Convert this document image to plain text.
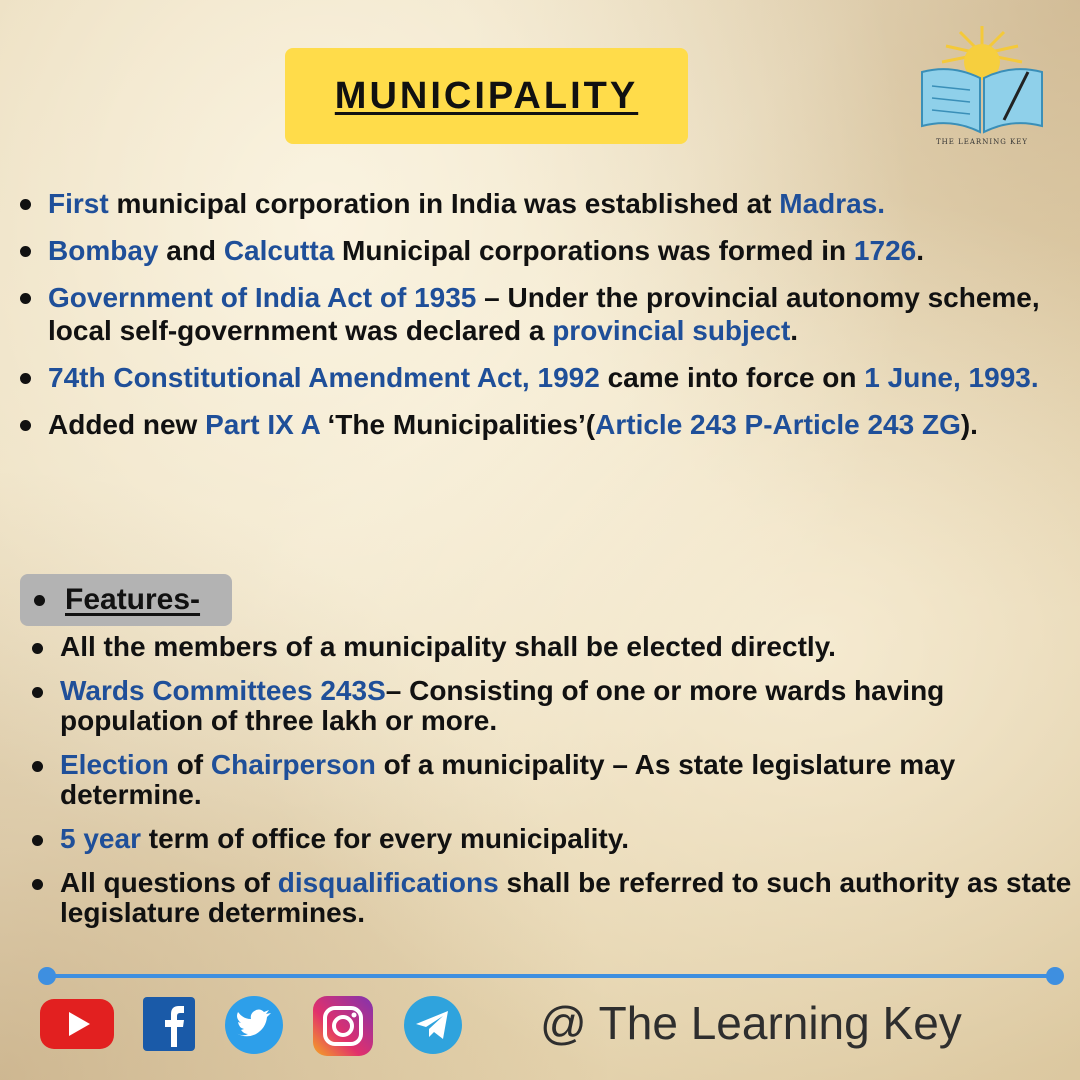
​
MUNICIPALITY
THE LEARNING KEY
First municipal corporation in India was established at Madras.
Bombay and Calcutta Municipal corporations was formed in 1726.
Government of India Act of 1935 – Under the provincial autonomy scheme, local self-government was declared a provincial subject.
74th Constitutional Amendment Act, 1992 came into force on 1 June, 1993.
Added new Part IX A ‘The Municipalities’(Article 243 P-Article 243 ZG).
Features-
All the members of a municipality shall be elected directly.
Wards Committees 243S– Consisting of one or more wards having population of three lakh or more.
Election of Chairperson of a municipality – As state legislature may determine.
5 year term of office for every municipality.
All questions of disqualifications shall be referred to such authority as state legislature determines.
@ The Learning Key
